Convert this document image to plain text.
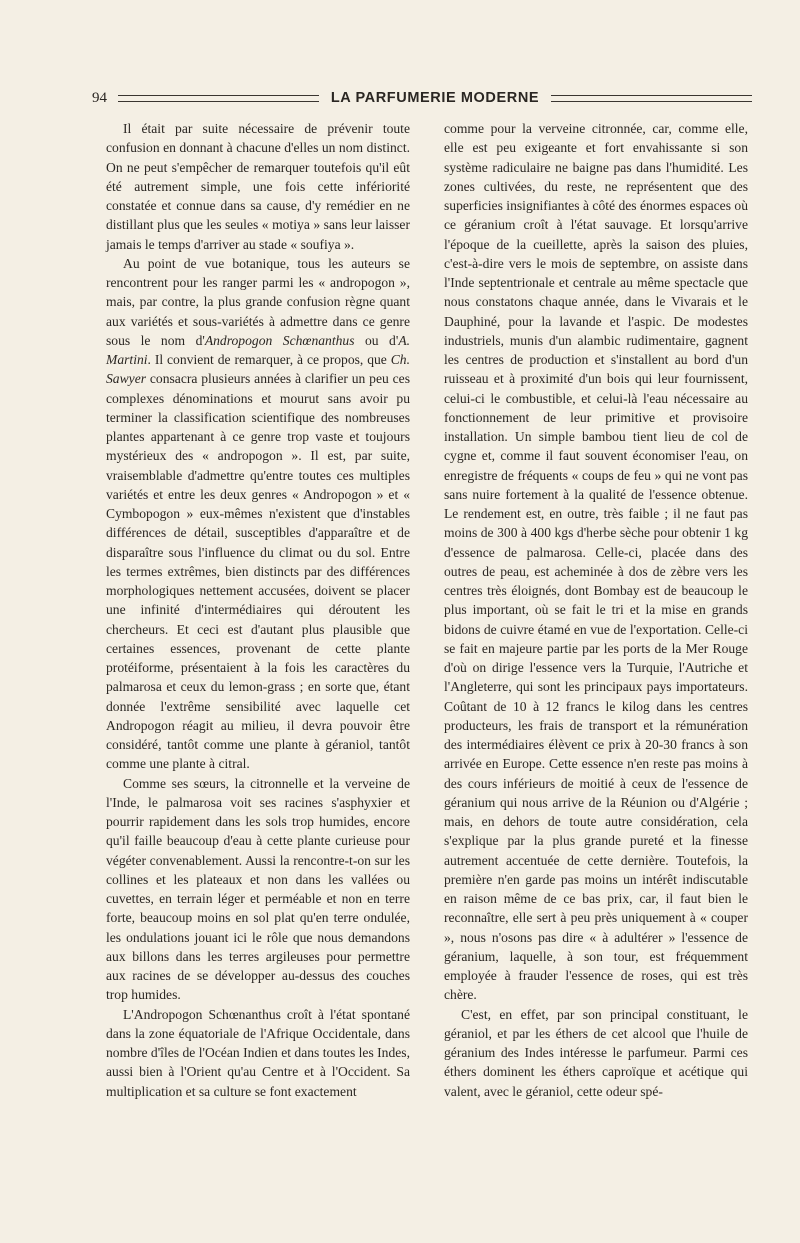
94	LA PARFUMERIE MODERNE

Il était par suite nécessaire de prévenir toute confusion en donnant à chacune d'elles un nom distinct. On ne peut s'empêcher de remarquer toutefois qu'il eût été autrement simple, une fois cette infériorité constatée et connue dans sa cause, d'y remédier en ne distillant plus que les seules « motiya » sans leur laisser jamais le temps d'arriver au stade « soufiya ».

Au point de vue botanique, tous les auteurs se rencontrent pour les ranger parmi les « andropogon », mais, par contre, la plus grande confusion règne quant aux variétés et sous-variétés à admettre dans ce genre sous le nom d'Andropogon Schœnanthus ou d'A. Martini. Il convient de remarquer, à ce propos, que Ch. Sawyer consacra plusieurs années à clarifier un peu ces complexes dénominations et mourut sans avoir pu terminer la classification scientifique des nombreuses plantes appartenant à ce genre trop vaste et toujours mystérieux des « andropogon ». Il est, par suite, vraisemblable d'admettre qu'entre toutes ces multiples variétés et entre les deux genres « Andropogon » et « Cymbopogon » eux-mêmes n'existent que d'instables différences de détail, susceptibles d'apparaître et de disparaître sous l'influence du climat ou du sol. Entre les termes extrêmes, bien distincts par des différences morphologiques nettement accusées, doivent se placer une infinité d'intermédiaires qui déroutent les chercheurs. Et ceci est d'autant plus plausible que certaines essences, provenant de cette plante protéiforme, présentaient à la fois les caractères du palmarosa et ceux du lemon-grass ; en sorte que, étant donnée l'extrême sensibilité avec laquelle cet Andropogon réagit au milieu, il devra pouvoir être considéré, tantôt comme une plante à géraniol, tantôt comme une plante à citral.

Comme ses sœurs, la citronnelle et la verveine de l'Inde, le palmarosa voit ses racines s'asphyxier et pourrir rapidement dans les sols trop humides, encore qu'il faille beaucoup d'eau à cette plante curieuse pour végéter convenablement. Aussi la rencontre-t-on sur les collines et les plateaux et non dans les vallées ou cuvettes, en terrain léger et perméable et non en terre forte, beaucoup moins en sol plat qu'en terre ondulée, les ondulations jouant ici le rôle que nous demandons aux billons dans les terres argileuses pour permettre aux racines de se développer au-dessus des couches trop humides.

L'Andropogon Schœnanthus croît à l'état spontané dans la zone équatoriale de l'Afrique Occidentale, dans nombre d'îles de l'Océan Indien et dans toutes les Indes, aussi bien à l'Orient qu'au Centre et à l'Occident. Sa multiplication et sa culture se font exactement

comme pour la verveine citronnée, car, comme elle, elle est peu exigeante et fort envahissante si son système radiculaire ne baigne pas dans l'humidité. Les zones cultivées, du reste, ne représentent que des superficies insignifiantes à côté des énormes espaces où ce géranium croît à l'état sauvage. Et lorsqu'arrive l'époque de la cueillette, après la saison des pluies, c'est-à-dire vers le mois de septembre, on assiste dans l'Inde septentrionale et centrale au même spectacle que nous constatons chaque année, dans le Vivarais et le Dauphiné, pour la lavande et l'aspic. De modestes industriels, munis d'un alambic rudimentaire, gagnent les centres de production et s'installent au bord d'un ruisseau et à proximité d'un bois qui leur fournissent, celui-ci le combustible, et celui-là l'eau nécessaire au fonctionnement de leur primitive et provisoire installation. Un simple bambou tient lieu de col de cygne et, comme il faut souvent économiser l'eau, on enregistre de fréquents « coups de feu » qui ne vont pas sans nuire fortement à la qualité de l'essence obtenue. Le rendement est, en outre, très faible ; il ne faut pas moins de 300 à 400 kgs d'herbe sèche pour obtenir 1 kg d'essence de palmarosa. Celle-ci, placée dans des outres de peau, est acheminée à dos de zèbre vers les centres très éloignés, dont Bombay est de beaucoup le plus important, où se fait le tri et la mise en grands bidons de cuivre étamé en vue de l'exportation. Celle-ci se fait en majeure partie par les ports de la Mer Rouge d'où on dirige l'essence vers la Turquie, l'Autriche et l'Angleterre, qui sont les principaux pays importateurs. Coûtant de 10 à 12 francs le kilog dans les centres producteurs, les frais de transport et la rémunération des intermédiaires élèvent ce prix à 20-30 francs à son arrivée en Europe. Cette essence n'en reste pas moins à des cours inférieurs de moitié à ceux de l'essence de géranium qui nous arrive de la Réunion ou d'Algérie ; mais, en dehors de toute autre considération, cela s'explique par la plus grande pureté et la finesse autrement accentuée de cette dernière. Toutefois, la première n'en garde pas moins un intérêt indiscutable en raison même de ce bas prix, car, il faut bien le reconnaître, elle sert à peu près uniquement à « couper », nous n'osons pas dire « à adultérer » l'essence de géranium, laquelle, à son tour, est fréquemment employée à frauder l'essence de roses, qui est très chère.

C'est, en effet, par son principal constituant, le géraniol, et par les éthers de cet alcool que l'huile de géranium des Indes intéresse le parfumeur. Parmi ces éthers dominent les éthers caproïque et acétique qui valent, avec le géraniol, cette odeur spé-
